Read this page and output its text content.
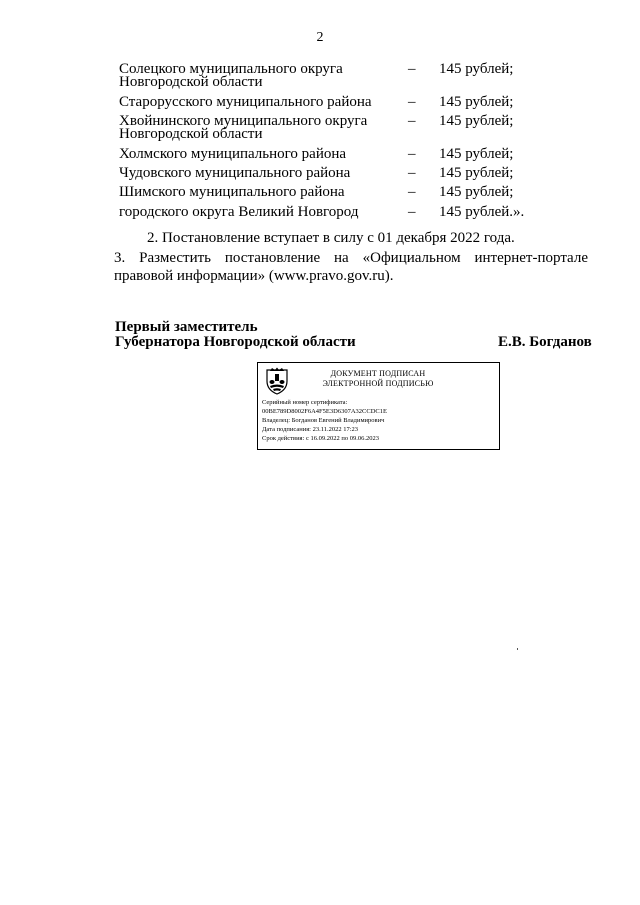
2
Солецкого муниципального округа Новгородской области
– 145 рублей;
Старорусского муниципального района	– 145 рублей;
Хвойнинского муниципального округа Новгородской области
– 145 рублей;
Холмского муниципального района	– 145 рублей;
Чудовского муниципального района	– 145 рублей;
Шимского муниципального района	– 145 рублей;
городского округа Великий Новгород	– 145 рублей.».
2. Постановление вступает в силу с 01 декабря 2022 года.
3. Разместить постановление на «Официальном интернет-портале
правовой информации» (www.pravo.gov.ru).
Первый заместитель
Губернатора Новгородской области	Е.В. Богданов
ДОКУМЕНТ ПОДПИСАН
ЭЛЕКТРОННОЙ ПОДПИСЬЮ
Серийный номер сертификата:
00BE789D8002F6A4F5E3D6307A32CCDC1E
Владелец: Богданов Евгений Владимирович
Дата подписания: 23.11.2022 17:23
Срок действия: с 16.09.2022 по 09.06.2023
